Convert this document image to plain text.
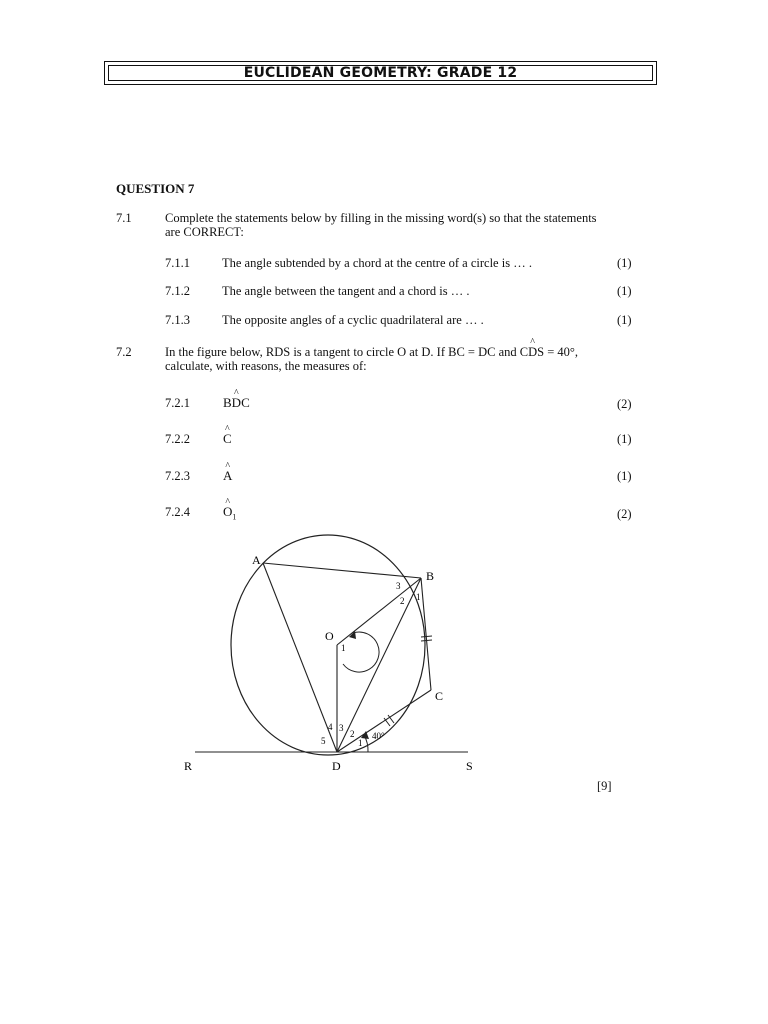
EUCLIDEAN GEOMETRY: GRADE 12
QUESTION 7
7.1	Complete the statements below by filling in the missing word(s) so that the statements
are CORRECT:
7.1.1	The angle subtended by a chord at the centre of a circle is … .	(1)
7.1.2	The angle between the tangent and a chord is … .	(1)
7.1.3	The opposite angles of a cyclic quadrilateral are … .	(1)
7.2	In the figure below, RDS is a tangent to circle O at D. If BC = DC and C^ DS = 40°,
calculate, with reasons, the measures of:
7.2.1	B^ DC	(2)
7.2.2	^ C	(1)
7.2.3	^ A	(1)
7.2.4	^ $O_1$	(2)
A
B
C
D
O
R	S
3
2 1
1
4 3
2
1
5	40°
[9]
